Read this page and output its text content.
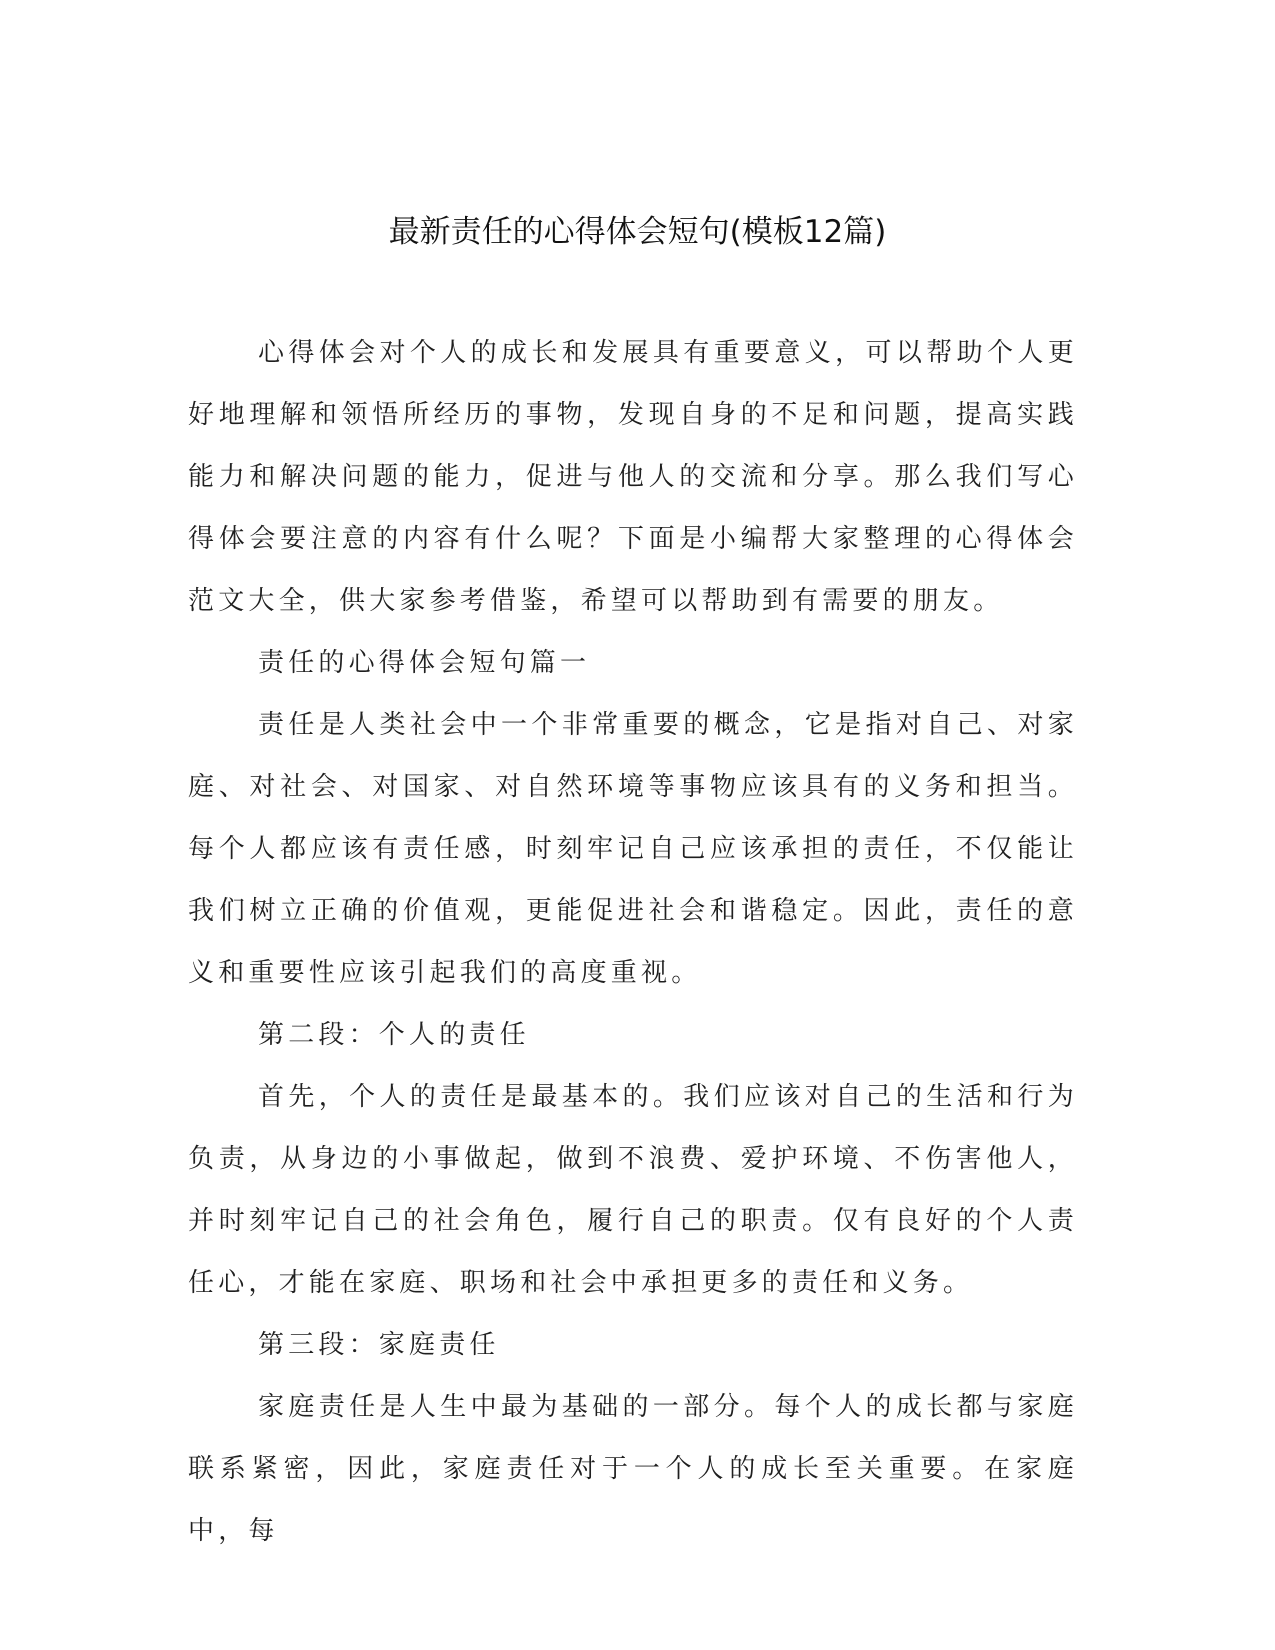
最新责任的心得体会短句(模板12篇)

心得体会对个人的成长和发展具有重要意义，可以帮助个人更好地理解和领悟所经历的事物，发现自身的不足和问题，提高实践能力和解决问题的能力，促进与他人的交流和分享。那么我们写心得体会要注意的内容有什么呢？下面是小编帮大家整理的心得体会范文大全，供大家参考借鉴，希望可以帮助到有需要的朋友。

责任的心得体会短句篇一

责任是人类社会中一个非常重要的概念，它是指对自己、对家庭、对社会、对国家、对自然环境等事物应该具有的义务和担当。每个人都应该有责任感，时刻牢记自己应该承担的责任，不仅能让我们树立正确的价值观，更能促进社会和谐稳定。因此，责任的意义和重要性应该引起我们的高度重视。

第二段：个人的责任

首先，个人的责任是最基本的。我们应该对自己的生活和行为负责，从身边的小事做起，做到不浪费、爱护环境、不伤害他人，并时刻牢记自己的社会角色，履行自己的职责。仅有良好的个人责任心，才能在家庭、职场和社会中承担更多的责任和义务。

第三段：家庭责任

家庭责任是人生中最为基础的一部分。每个人的成长都与家庭联系紧密，因此，家庭责任对于一个人的成长至关重要。在家庭中，每
